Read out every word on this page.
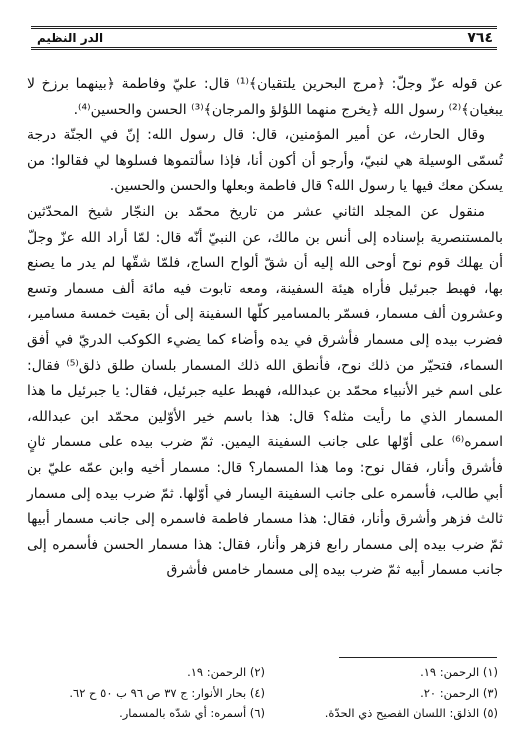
٧٦٤
الدر النظيم

عن قوله عزّ وجلّ: ﴿مرج البحرين يلتقيان﴾⁽¹⁾ قال: عليّ وفاطمة ﴿بينهما برزخ لا يبغيان﴾⁽²⁾ رسول الله ﴿يخرج منهما اللؤلؤ والمرجان﴾⁽³⁾ الحسن والحسين⁽⁴⁾.

وقال الحارث، عن أمير المؤمنين، قال: قال رسول الله: إنّ في الجنّة درجة تُسمّى الوسيلة هي لنبيّ، وأرجو أن أكون أنا، فإذا سألتموها فسلوها لي فقالوا: من يسكن معك فيها يا رسول الله؟ قال فاطمة وبعلها والحسن والحسين.

منقول عن المجلد الثاني عشر من تاريخ محمّد بن النجّار شيخ المحدّثين بالمستنصرية بإسناده إلى أنس بن مالك، عن النبيّ أنّه قال: لمّا أراد الله عزّ وجلّ أن يهلك قوم نوح أوحى الله إليه أن شقّ ألواح الساج، فلمّا شقّها لم يدر ما يصنع بها، فهبط جبرئيل فأراه هيئة السفينة، ومعه تابوت فيه مائة ألف مسمار وتسع وعشرون ألف مسمار، فسمّر بالمسامير كلّها السفينة إلى أن بقيت خمسة مسامير، فضرب بيده إلى مسمار فأشرق في يده وأضاء كما يضيء الكوكب الدريّ في أفق السماء، فتحيّر من ذلك نوح، فأنطق الله ذلك المسمار بلسان طلق ذلق⁽⁵⁾ فقال: على اسم خير الأنبياء محمّد بن عبدالله، فهبط عليه جبرئيل، فقال: يا جبرئيل ما هذا المسمار الذي ما رأيت مثله؟ قال: هذا باسم خير الأوّلين محمّد ابن عبدالله، اسمره⁽⁶⁾ على أوّلها على جانب السفينة اليمين. ثمّ ضرب بيده على مسمار ثانٍ فأشرق وأنار، فقال نوح: وما هذا المسمار؟ قال: مسمار أخيه وابن عمّه عليّ بن أبي طالب، فأسمره على جانب السفينة اليسار في أوّلها. ثمّ ضرب بيده إلى مسمار ثالث فزهر وأشرق وأنار، فقال: هذا مسمار فاطمة فاسمره إلى جانب مسمار أبيها ثمّ ضرب بيده إلى مسمار رابع فزهر وأنار، فقال: هذا مسمار الحسن فأسمره إلى جانب مسمار أبيه ثمّ ضرب بيده إلى مسمار خامس فأشرق

(١) الرحمن: ١٩.
(٢) الرحمن: ١٩.
(٣) الرحمن: ٢٠.
(٤) بحار الأنوار: ج ٣٧ ص ٩٦ ب ٥٠ ح ٦٢.
(٥) الذلق: اللسان الفصيح ذي الحدّة.
(٦) أسمره: أي شدّه بالمسمار.
